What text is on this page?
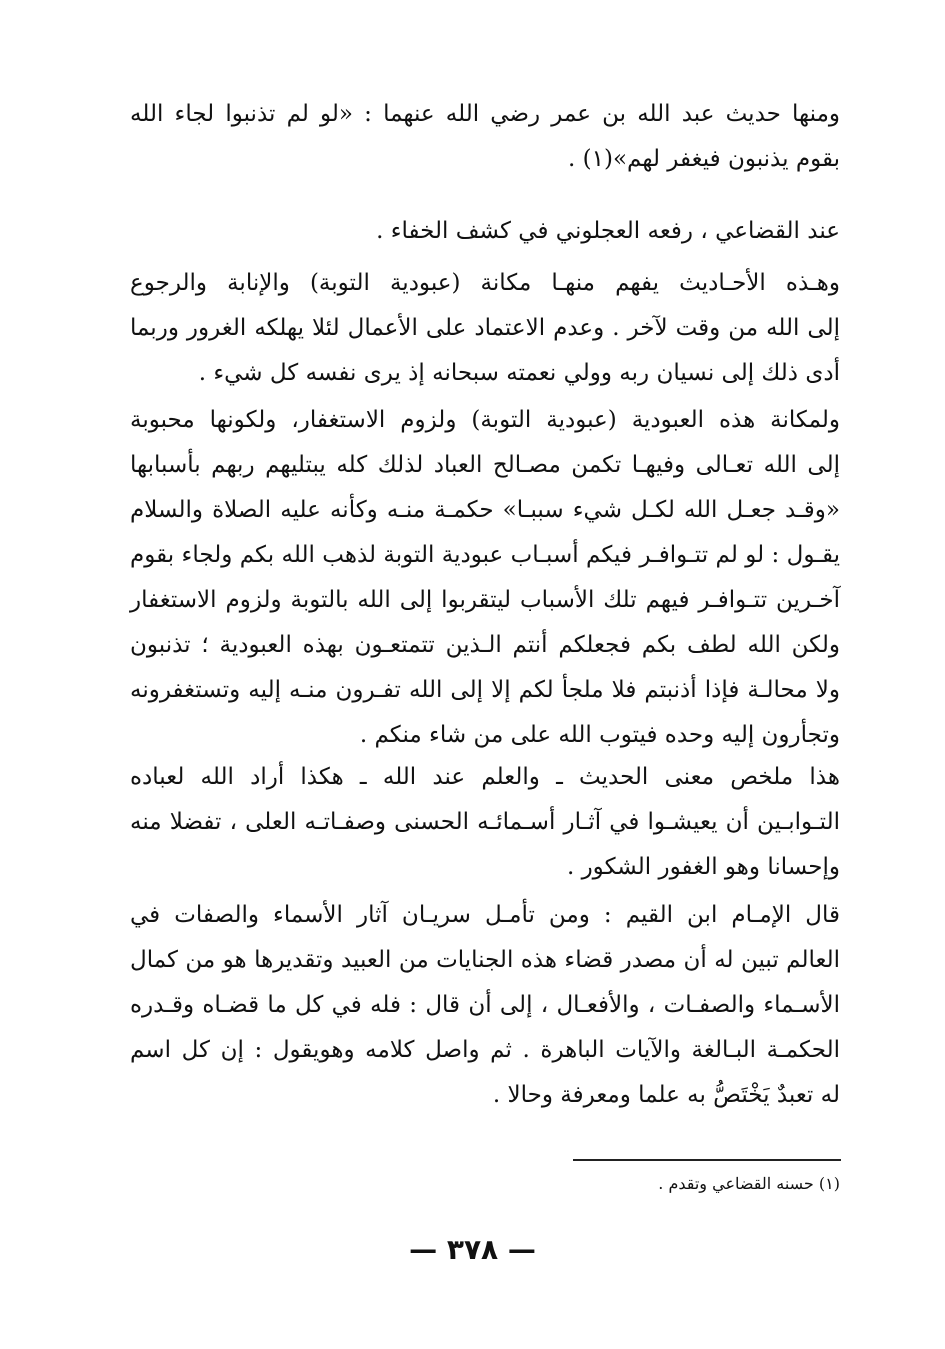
ومنها حديث عبد الله بن عمر رضي الله عنهما : «لو لم تذنبوا لجاء الله
بقوم يذنبون فيغفر لهم»(١) .
عند القضاعي ، رفعه العجلوني في كشف الخفاء .
وهـذه الأحـاديث يفهم منهـا مكانة (عبودية التوبة) والإنابة والرجوع
إلى الله من وقت لآخر . وعدم الاعتماد على الأعمال لئلا يهلكه الغرور وربما
أدى ذلك إلى نسيان ربه وولي نعمته سبحانه إذ يرى نفسه كل شيء .
ولمكانة هذه العبودية (عبودية التوبة) ولزوم الاستغفار، ولكونها محبوبة
إلى الله تعـالى وفيهـا تكمن مصـالح العباد لذلك كله يبتليهم ربهم بأسبابها
«وقـد جعـل الله لكـل شيء سببـا» حكمـة منـه وكأنه عليه الصلاة والسلام
يقـول : لو لم تتـوافـر فيكم أسبـاب عبودية التوبة لذهب الله بكم ولجاء بقوم
آخـرين تتـوافـر فيهم تلك الأسباب ليتقربوا إلى الله بالتوبة ولزوم الاستغفار
ولكن الله لطف بكم فجعلكم أنتم الـذين تتمتعـون بهذه العبودية ؛ تذنبون
ولا محالـة فإذا أذنبتم فلا ملجأ لكم إلا إلى الله تفـرون منـه إليه وتستغفرونه
وتجأرون إليه وحده فيتوب الله على من شاء منكم .
هذا ملخص معنى الحديث ـ والعلم عند الله ـ هكذا أراد الله لعباده
التـوابـين أن يعيشـوا في آثـار أسـمائـه الحسنى وصفـاتـه العلى ، تفضلا منه
وإحسانا وهو الغفور الشكور .
قال الإمـام ابن القيم : ومن تأمـل سريـان آثار الأسماء والصفات في
العالم تبين له أن مصدر قضاء هذه الجنايات من العبيد وتقديرها هو من كمال
الأسـماء والصفـات ، والأفعـال ، إلى أن قال : فله في كل ما قضـاه وقـدره
الحكمـة البـالغة والآيات الباهرة . ثم واصل كلامه وهويقول : إن كل اسم
له تعبدٌ يَخْتَصُّ به علما ومعرفة وحالا .

(١) حسنه القضاعي وتقدم .

— ٣٧٨ —
